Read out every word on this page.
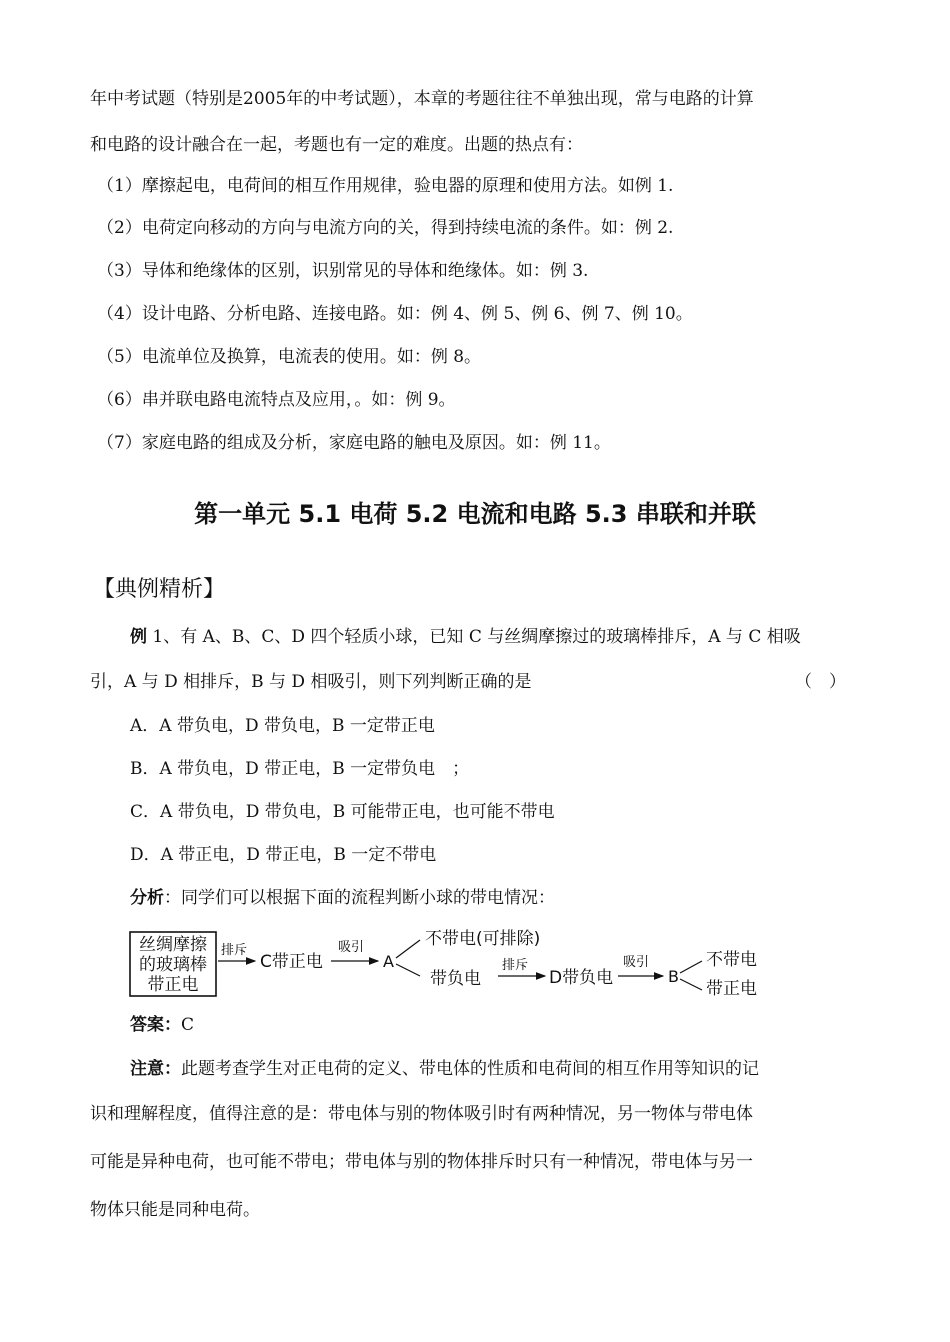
年中考试题（特别是2005年的中考试题），本章的考题往往不单独出现，常与电路的计算
和电路的设计融合在一起，考题也有一定的难度。出题的热点有：
（1）摩擦起电，电荷间的相互作用规律，验电器的原理和使用方法。如例 1.
（2）电荷定向移动的方向与电流方向的关，得到持续电流的条件。如：例 2.
（3）导体和绝缘体的区别，识别常见的导体和绝缘体。如：例 3.
（4）设计电路、分析电路、连接电路。如：例 4、例 5、例 6、例 7、例 10。
（5）电流单位及换算，电流表的使用。如：例 8。
（6）串并联电路电流特点及应用，。如：例 9。
（7）家庭电路的组成及分析，家庭电路的触电及原因。如：例 11。
第一单元 5.1 电荷 5.2 电流和电路 5.3 串联和并联
【典例精析】
例 1、有 A、B、C、D 四个轻质小球，已知 C 与丝绸摩擦过的玻璃棒排斥，A 与 C 相吸
引，A 与 D 相排斥，B 与 D 相吸引，则下列判断正确的是	（　）
A．A 带负电，D 带负电，B 一定带正电
B．A 带负电，D 带正电，B 一定带负电　；
C．A 带负电，D 带负电，B 可能带正电，也可能不带电
D．A 带正电，D 带正电，B 一定不带电
分析：同学们可以根据下面的流程判断小球的带电情况：
丝绸摩擦
的玻璃棒
带正电
排斥
C带正电
吸引
A
不带电(可排除)
带负电
排斥
D带负电
吸引
B
不带电
带正电
答案：C
注意：此题考查学生对正电荷的定义、带电体的性质和电荷间的相互作用等知识的记
识和理解程度，值得注意的是：带电体与别的物体吸引时有两种情况，另一物体与带电体
可能是异种电荷，也可能不带电；带电体与别的物体排斥时只有一种情况，带电体与另一
物体只能是同种电荷。
